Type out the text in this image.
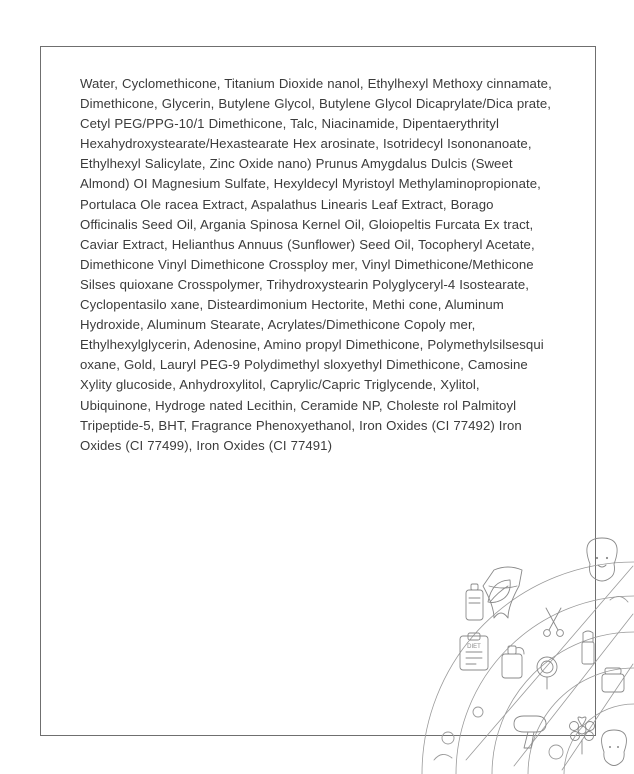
Water, Cyclomethicone, Titanium Dioxide nanol, Ethylhexyl Methoxy cinnamate, Dimethicone, Glycerin, Butylene Glycol, Butylene Glycol Dicaprylate/Dica prate, Cetyl PEG/PPG-10/1 Dimethicone, Talc, Niacinamide, Dipentaerythrityl Hexahydroxystearate/Hexastearate Hex arosinate, Isotridecyl Isononanoate, Ethylhexyl Salicylate, Zinc Oxide nano) Prunus Amygdalus Dulcis (Sweet Almond) OI Magnesium Sulfate, Hexyldecyl Myristoyl Methylaminopropionate, Portulaca Ole racea Extract, Aspalathus Linearis Leaf Extract, Borago Officinalis Seed Oil, Argania Spinosa Kernel Oil, Gloiopeltis Furcata Ex tract, Caviar Extract, Helianthus Annuus (Sunflower) Seed Oil, Tocopheryl Acetate, Dimethicone Vinyl Dimethicone Crossploy mer, Vinyl Dimethicone/Methicone Silses quioxane Crosspolymer, Trihydroxystearin Polyglyceryl-4 Isostearate, Cyclopentasilo xane, Disteardimonium Hectorite, Methi cone, Aluminum Hydroxide, Aluminum Stearate, Acrylates/Dimethicone Copoly mer, Ethylhexylglycerin, Adenosine, Amino propyl Dimethicone, Polymethylsilsesqui oxane, Gold, Lauryl PEG-9 Polydimethyl sloxyethyl Dimethicone, Camosine Xylity glucoside, Anhydroxylitol, Caprylic/Capric Triglycende, Xylitol, Ubiquinone, Hydroge nated Lecithin, Ceramide NP, Choleste rol Palmitoyl Tripeptide-5, BHT, Fragrance Phenoxyethanol, Iron Oxides (CI 77492) Iron Oxides (CI 77499), Iron Oxides (CI 77491)
DIET
